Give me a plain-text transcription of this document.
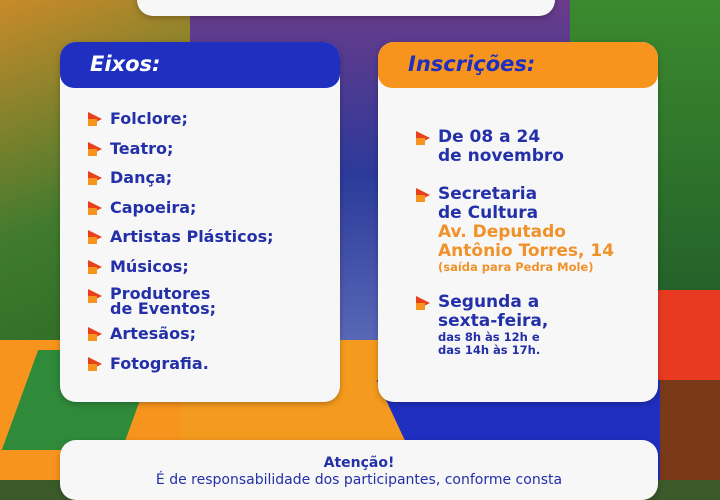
Eixos:
Folclore;
Teatro;
Dança;
Capoeira;
Artistas Plásticos;
Músicos;
Produtores de Eventos;
Artesãos;
Fotografia.
Inscrições:
De 08 a 24
de novembro
Secretaria
de Cultura
Av. Deputado
Antônio Torres, 14
(saída para Pedra Mole)
Segunda a
sexta-feira,
das 8h às 12h e
das 14h às 17h.
Atenção!
É de responsabilidade dos participantes, conforme consta
